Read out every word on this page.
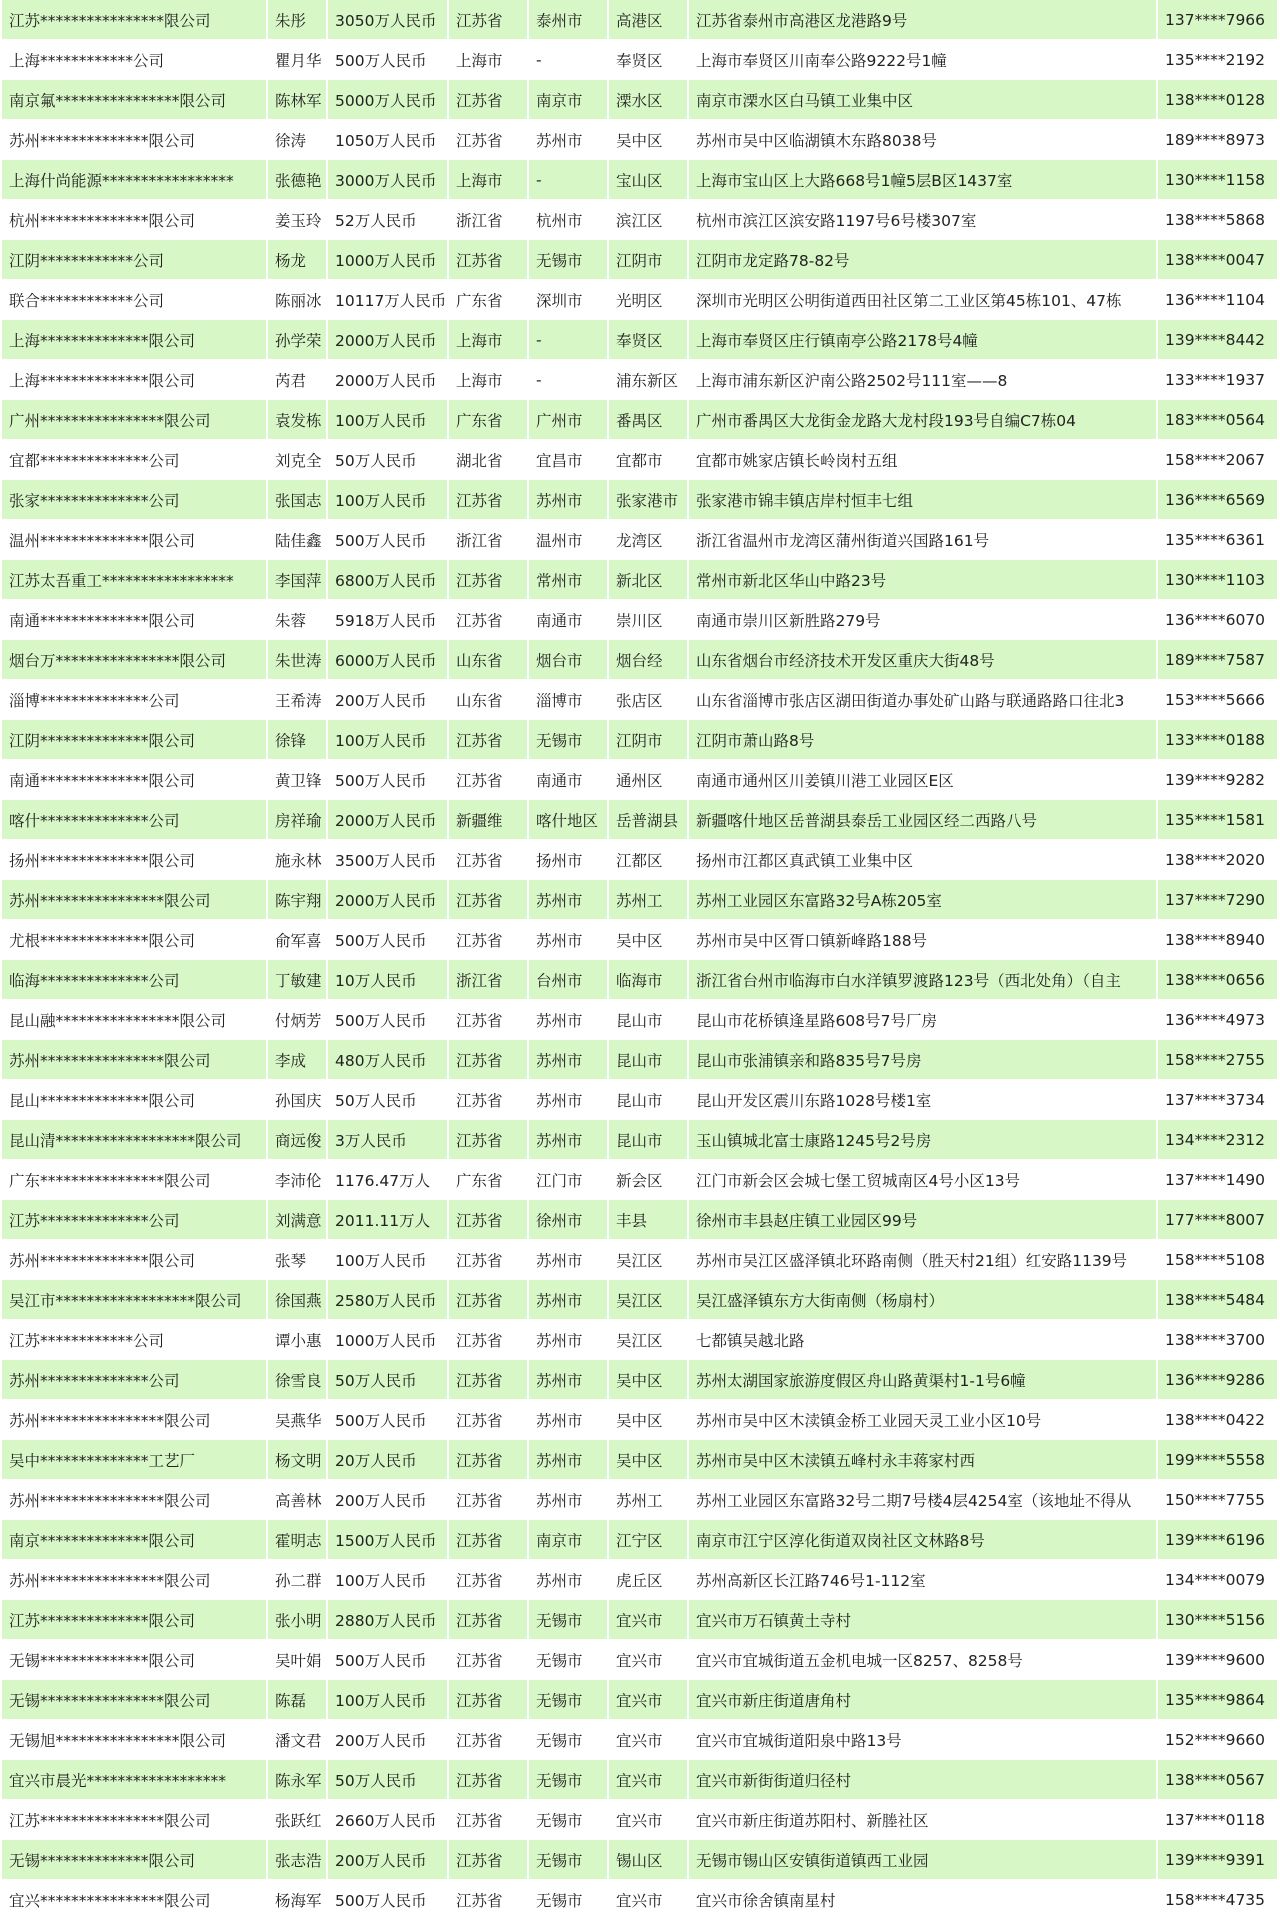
江苏****************限公司	朱彤	3050万人民币	江苏省	泰州市	高港区	江苏省泰州市高港区龙港路9号	137****7966
上海************公司	瞿月华	500万人民币	上海市	-	奉贤区	上海市奉贤区川南奉公路9222号1幢	135****2192
南京氟****************限公司	陈林军	5000万人民币	江苏省	南京市	溧水区	南京市溧水区白马镇工业集中区	138****0128
苏州**************限公司	徐涛	1050万人民币	江苏省	苏州市	吴中区	苏州市吴中区临湖镇木东路8038号	189****8973
上海什尚能源*****************	张德艳	3000万人民币	上海市	-	宝山区	上海市宝山区上大路668号1幢5层B区1437室	130****1158
杭州**************限公司	姜玉玲	52万人民币	浙江省	杭州市	滨江区	杭州市滨江区滨安路1197号6号楼307室	138****5868
江阴************公司	杨龙	1000万人民币	江苏省	无锡市	江阴市	江阴市龙定路78-82号	138****0047
联合************公司	陈丽冰	10117万人民币	广东省	深圳市	光明区	深圳市光明区公明街道西田社区第二工业区第45栋101、47栋	136****1104
上海**************限公司	孙学荣	2000万人民币	上海市	-	奉贤区	上海市奉贤区庄行镇南亭公路2178号4幢	139****8442
上海**************限公司	芮君	2000万人民币	上海市	-	浦东新区	上海市浦东新区沪南公路2502号111室——8	133****1937
广州****************限公司	袁发栋	100万人民币	广东省	广州市	番禺区	广州市番禺区大龙街金龙路大龙村段193号自编C7栋04	183****0564
宜都**************公司	刘克全	50万人民币	湖北省	宜昌市	宜都市	宜都市姚家店镇长岭岗村五组	158****2067
张家**************公司	张国志	100万人民币	江苏省	苏州市	张家港市	张家港市锦丰镇店岸村恒丰七组	136****6569
温州**************限公司	陆佳鑫	500万人民币	浙江省	温州市	龙湾区	浙江省温州市龙湾区蒲州街道兴国路161号	135****6361
江苏太吾重工*****************	李国萍	6800万人民币	江苏省	常州市	新北区	常州市新北区华山中路23号	130****1103
南通**************限公司	朱蓉	5918万人民币	江苏省	南通市	崇川区	南通市崇川区新胜路279号	136****6070
烟台万****************限公司	朱世涛	6000万人民币	山东省	烟台市	烟台经	山东省烟台市经济技术开发区重庆大街48号	189****7587
淄博**************公司	王希涛	200万人民币	山东省	淄博市	张店区	山东省淄博市张店区湖田街道办事处矿山路与联通路路口往北3	153****5666
江阴**************限公司	徐锋	100万人民币	江苏省	无锡市	江阴市	江阴市萧山路8号	133****0188
南通**************限公司	黄卫锋	500万人民币	江苏省	南通市	通州区	南通市通州区川姜镇川港工业园区E区	139****9282
喀什**************公司	房祥瑜	2000万人民币	新疆维	喀什地区	岳普湖县	新疆喀什地区岳普湖县泰岳工业园区经二西路八号	135****1581
扬州**************限公司	施永林	3500万人民币	江苏省	扬州市	江都区	扬州市江都区真武镇工业集中区	138****2020
苏州****************限公司	陈宇翔	2000万人民币	江苏省	苏州市	苏州工	苏州工业园区东富路32号A栋205室	137****7290
尤根**************限公司	俞军喜	500万人民币	江苏省	苏州市	吴中区	苏州市吴中区胥口镇新峰路188号	138****8940
临海**************公司	丁敏建	10万人民币	浙江省	台州市	临海市	浙江省台州市临海市白水洋镇罗渡路123号（西北处角）（自主	138****0656
昆山融****************限公司	付炳芳	500万人民币	江苏省	苏州市	昆山市	昆山市花桥镇逢星路608号7号厂房	136****4973
苏州****************限公司	李成	480万人民币	江苏省	苏州市	昆山市	昆山市张浦镇亲和路835号7号房	158****2755
昆山**************限公司	孙国庆	50万人民币	江苏省	苏州市	昆山市	昆山开发区震川东路1028号楼1室	137****3734
昆山清******************限公司	商远俊	3万人民币	江苏省	苏州市	昆山市	玉山镇城北富士康路1245号2号房	134****2312
广东****************限公司	李沛伦	1176.47万人	广东省	江门市	新会区	江门市新会区会城七堡工贸城南区4号小区13号	137****1490
江苏**************公司	刘满意	2011.11万人	江苏省	徐州市	丰县	徐州市丰县赵庄镇工业园区99号	177****8007
苏州**************限公司	张琴	100万人民币	江苏省	苏州市	吴江区	苏州市吴江区盛泽镇北环路南侧（胜天村21组）红安路1139号	158****5108
吴江市******************限公司	徐国燕	2580万人民币	江苏省	苏州市	吴江区	吴江盛泽镇东方大街南侧（杨扇村）	138****5484
江苏************公司	谭小惠	1000万人民币	江苏省	苏州市	吴江区	七都镇吴越北路	138****3700
苏州**************公司	徐雪良	50万人民币	江苏省	苏州市	吴中区	苏州太湖国家旅游度假区舟山路黄渠村1-1号6幢	136****9286
苏州****************限公司	吴燕华	500万人民币	江苏省	苏州市	吴中区	苏州市吴中区木渎镇金桥工业园天灵工业小区10号	138****0422
吴中**************工艺厂	杨文明	20万人民币	江苏省	苏州市	吴中区	苏州市吴中区木渎镇五峰村永丰蒋家村西	199****5558
苏州****************限公司	高善林	200万人民币	江苏省	苏州市	苏州工	苏州工业园区东富路32号二期7号楼4层4254室（该地址不得从	150****7755
南京**************限公司	霍明志	1500万人民币	江苏省	南京市	江宁区	南京市江宁区淳化街道双岗社区文林路8号	139****6196
苏州****************限公司	孙二群	100万人民币	江苏省	苏州市	虎丘区	苏州高新区长江路746号1-112室	134****0079
江苏**************限公司	张小明	2880万人民币	江苏省	无锡市	宜兴市	宜兴市万石镇黄土寺村	130****5156
无锡**************限公司	吴叶娟	500万人民币	江苏省	无锡市	宜兴市	宜兴市宜城街道五金机电城一区8257、8258号	139****9600
无锡****************限公司	陈磊	100万人民币	江苏省	无锡市	宜兴市	宜兴市新庄街道唐角村	135****9864
无锡旭****************限公司	潘文君	200万人民币	江苏省	无锡市	宜兴市	宜兴市宜城街道阳泉中路13号	152****9660
宜兴市晨光******************	陈永军	50万人民币	江苏省	无锡市	宜兴市	宜兴市新街街道归径村	138****0567
江苏****************限公司	张跃红	2660万人民币	江苏省	无锡市	宜兴市	宜兴市新庄街道苏阳村、新塍社区	137****0118
无锡**************限公司	张志浩	200万人民币	江苏省	无锡市	锡山区	无锡市锡山区安镇街道镇西工业园	139****9391
宜兴****************限公司	杨海军	500万人民币	江苏省	无锡市	宜兴市	宜兴市徐舍镇南星村	158****4735
